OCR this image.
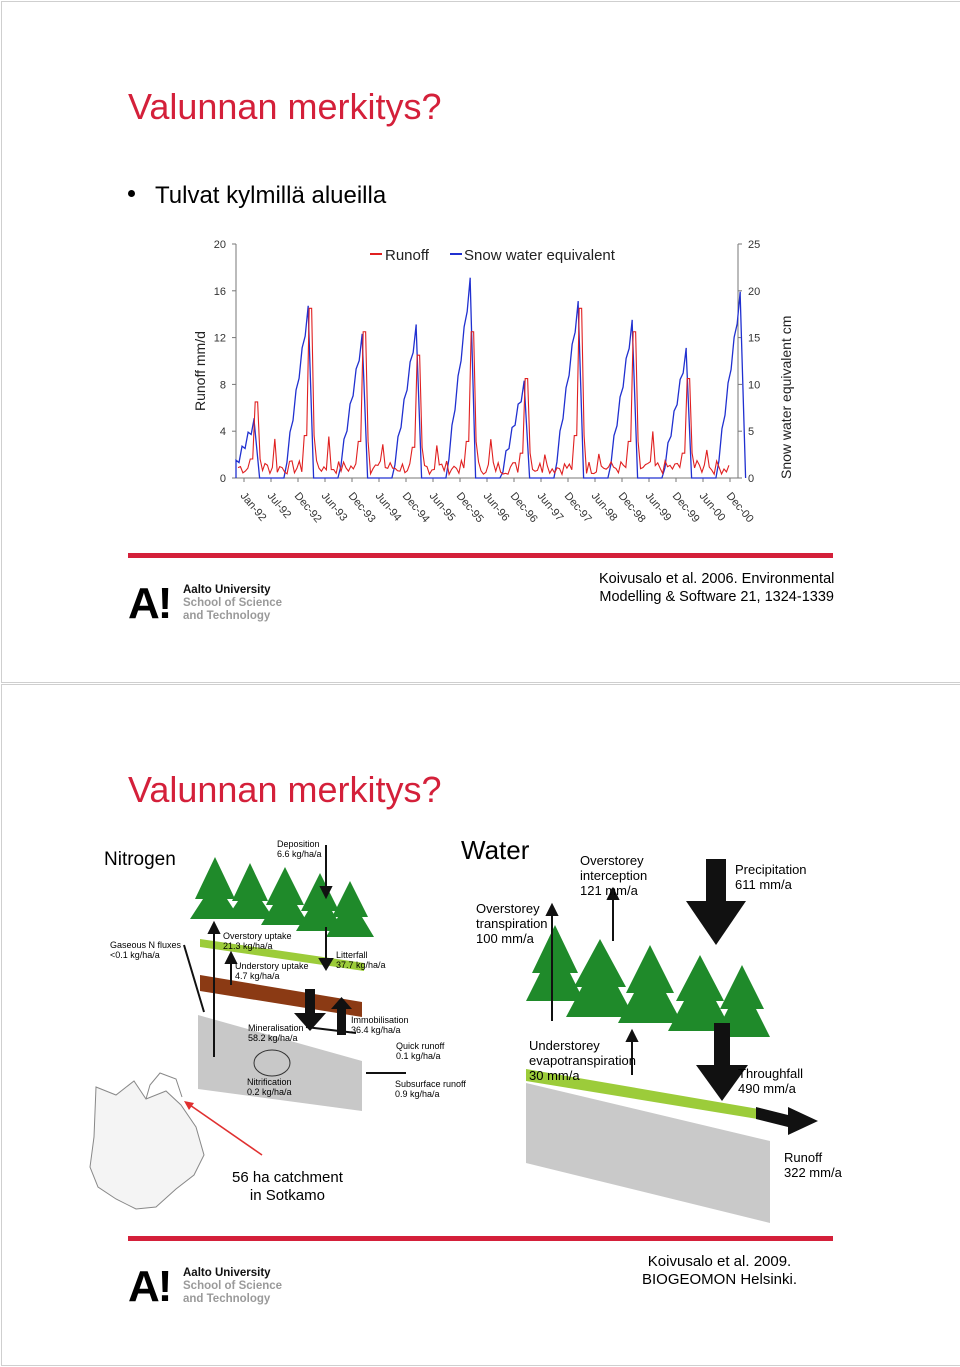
Valunnan merkitys?
Tulvat kylmillä alueilla
20
16
12
8
4
0
25
20
15
10
5
0
Jan-92
Jul-92
Dec-92
Jun-93
Dec-93
Jun-94
Dec-94
Jun-95
Dec-95
Jun-96
Dec-96
Jun-97
Dec-97
Jun-98
Dec-98
Jun-99
Dec-99
Jun-00
Dec-00
Runoff Snow water equivalent
Runoff mm/d	Snow water equivalent cm
A! Aalto University
School of Science
and Technology
Koivusalo et al. 2006. Environmental
Modelling & Software 21, 1324-1339
Valunnan merkitys?
Nitrogen
Deposition
6.6 kg/ha/a
Gaseous N fluxes
<0.1 kg/ha/a
Overstory uptake
21.3 kg/ha/a
Understory uptake
4.7 kg/ha/a
Litterfall
37.7 kg/ha/a
Mineralisation
58.2 kg/ha/a
Immobilisation
36.4 kg/ha/a
Quick runoff
0.1 kg/ha/a
Nitrification
0.2 kg/ha/a
Subsurface runoff
0.9 kg/ha/a
56 ha catchment
in Sotkamo
Water	Overstorey
interception
121 mm/a
Precipitation
611 mm/a
Overstorey
transpiration
100 mm/a
Understorey
evapotranspiration
30 mm/a	Throughfall
490 mm/a
Runoff
322 mm/a
A! Aalto University
School of Science
and Technology
Koivusalo et al. 2009.
BIOGEOMON Helsinki.
